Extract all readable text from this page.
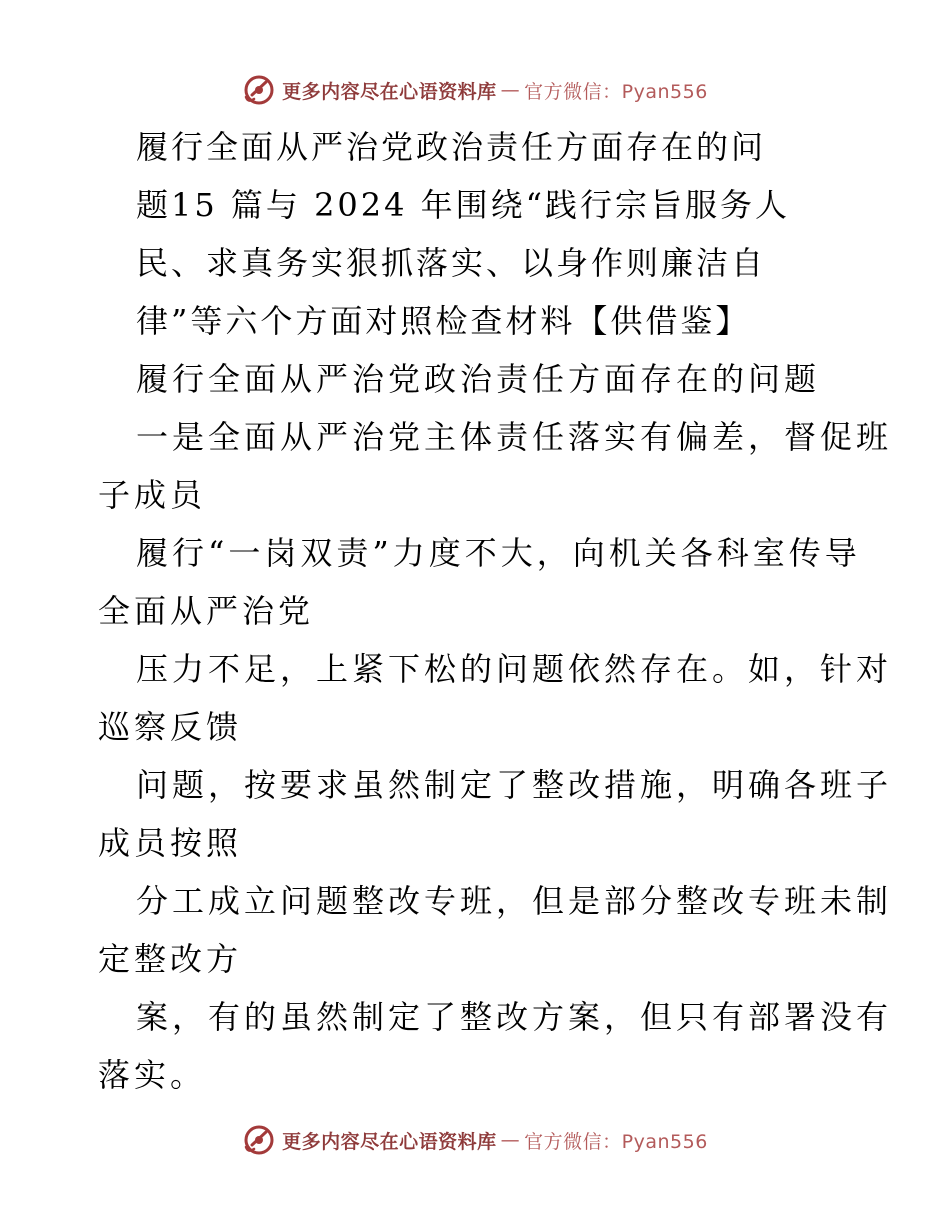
更多内容尽在心语资料库 — 官方微信：Pyan556
履行全面从严治党政治责任方面存在的问
题15 篇与 2024 年围绕“践行宗旨服务人
民、求真务实狠抓落实、以身作则廉洁自
律”等六个方面对照检查材料【供借鉴】
履行全面从严治党政治责任方面存在的问题
一是全面从严治党主体责任落实有偏差，督促班
子成员
履行“一岗双责”力度不大，向机关各科室传导
全面从严治党
压力不足，上紧下松的问题依然存在。如，针对
巡察反馈
问题，按要求虽然制定了整改措施，明确各班子
成员按照
分工成立问题整改专班，但是部分整改专班未制
定整改方
案，有的虽然制定了整改方案，但只有部署没有
落实。
更多内容尽在心语资料库 — 官方微信：Pyan556
